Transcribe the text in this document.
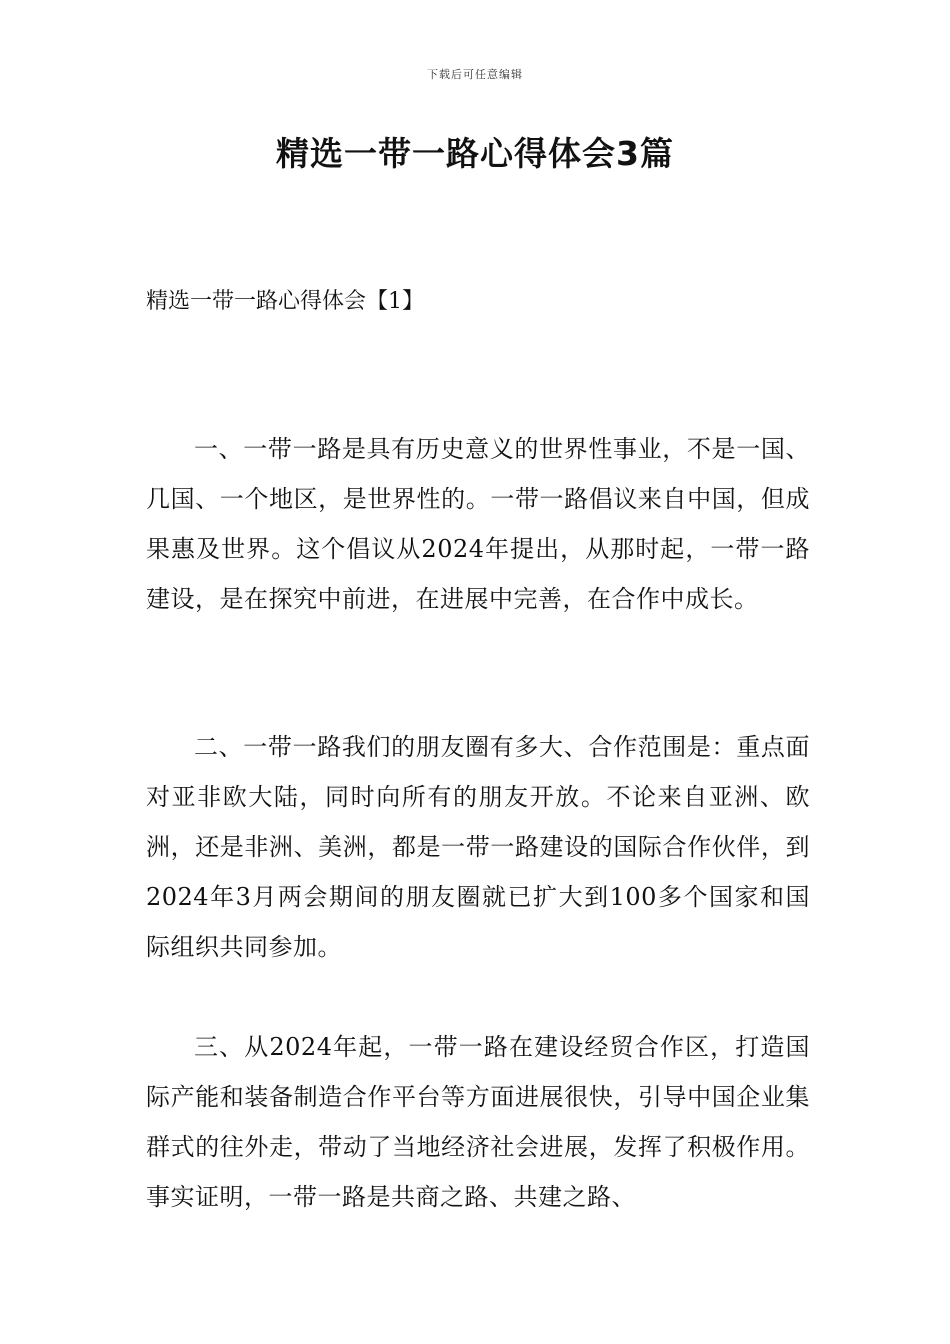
下载后可任意编辑
精选一带一路心得体会3篇
精选一带一路心得体会【1】

一、一带一路是具有历史意义的世界性事业，不是一国、几国、一个地区，是世界性的。一带一路倡议来自中国，但成果惠及世界。这个倡议从2024年提出，从那时起，一带一路建设，是在探究中前进，在进展中完善，在合作中成长。

二、一带一路我们的朋友圈有多大、合作范围是：重点面对亚非欧大陆，同时向所有的朋友开放。不论来自亚洲、欧洲，还是非洲、美洲，都是一带一路建设的国际合作伙伴，到2024年3月两会期间的朋友圈就已扩大到100多个国家和国际组织共同参加。

三、从2024年起，一带一路在建设经贸合作区，打造国际产能和装备制造合作平台等方面进展很快，引导中国企业集群式的往外走，带动了当地经济社会进展，发挥了积极作用。事实证明，一带一路是共商之路、共建之路、
